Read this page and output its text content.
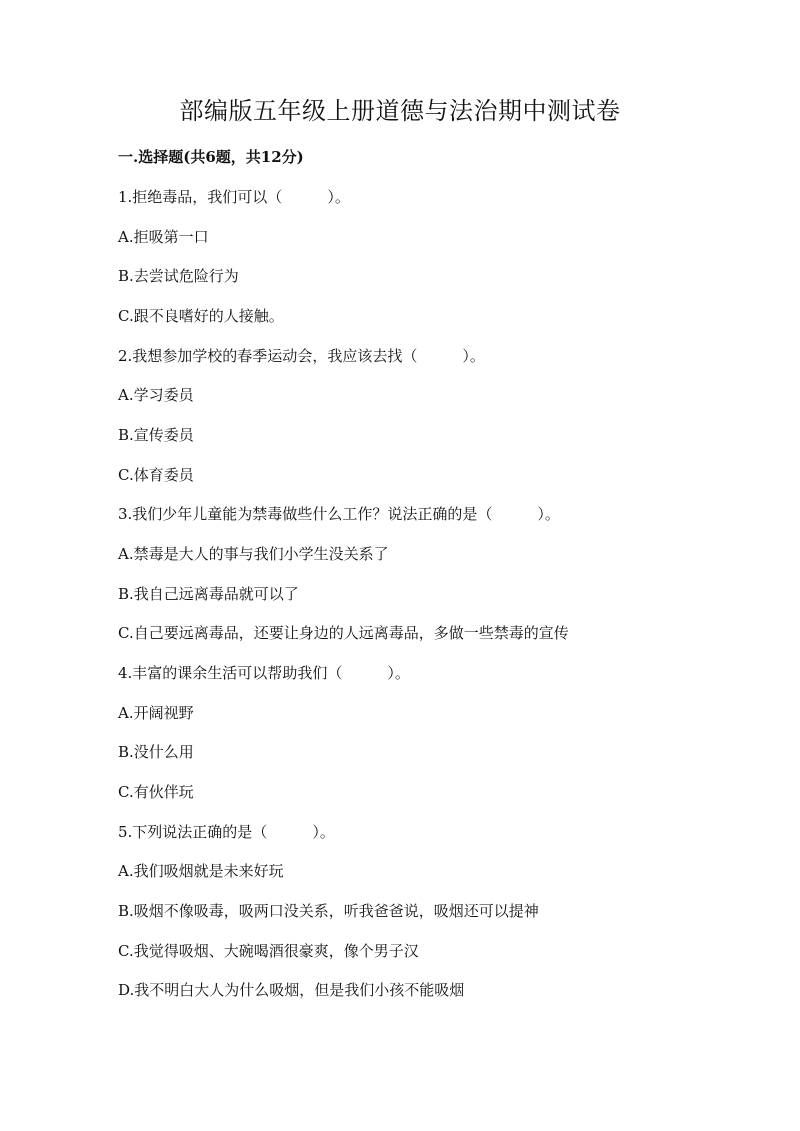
部编版五年级上册道德与法治期中测试卷
一.选择题(共6题，共12分)
1.拒绝毒品，我们可以（　　　）。
A.拒吸第一口
B.去尝试危险行为
C.跟不良嗜好的人接触。
2.我想参加学校的春季运动会，我应该去找（　　　）。
A.学习委员
B.宣传委员
C.体育委员
3.我们少年儿童能为禁毒做些什么工作？说法正确的是（　　　）。
A.禁毒是大人的事与我们小学生没关系了
B.我自己远离毒品就可以了
C.自己要远离毒品，还要让身边的人远离毒品，多做一些禁毒的宣传
4.丰富的课余生活可以帮助我们（　　　）。
A.开阔视野
B.没什么用
C.有伙伴玩
5.下列说法正确的是（　　　）。
A.我们吸烟就是未来好玩
B.吸烟不像吸毒，吸两口没关系，听我爸爸说，吸烟还可以提神
C.我觉得吸烟、大碗喝酒很豪爽，像个男子汉
D.我不明白大人为什么吸烟，但是我们小孩不能吸烟
